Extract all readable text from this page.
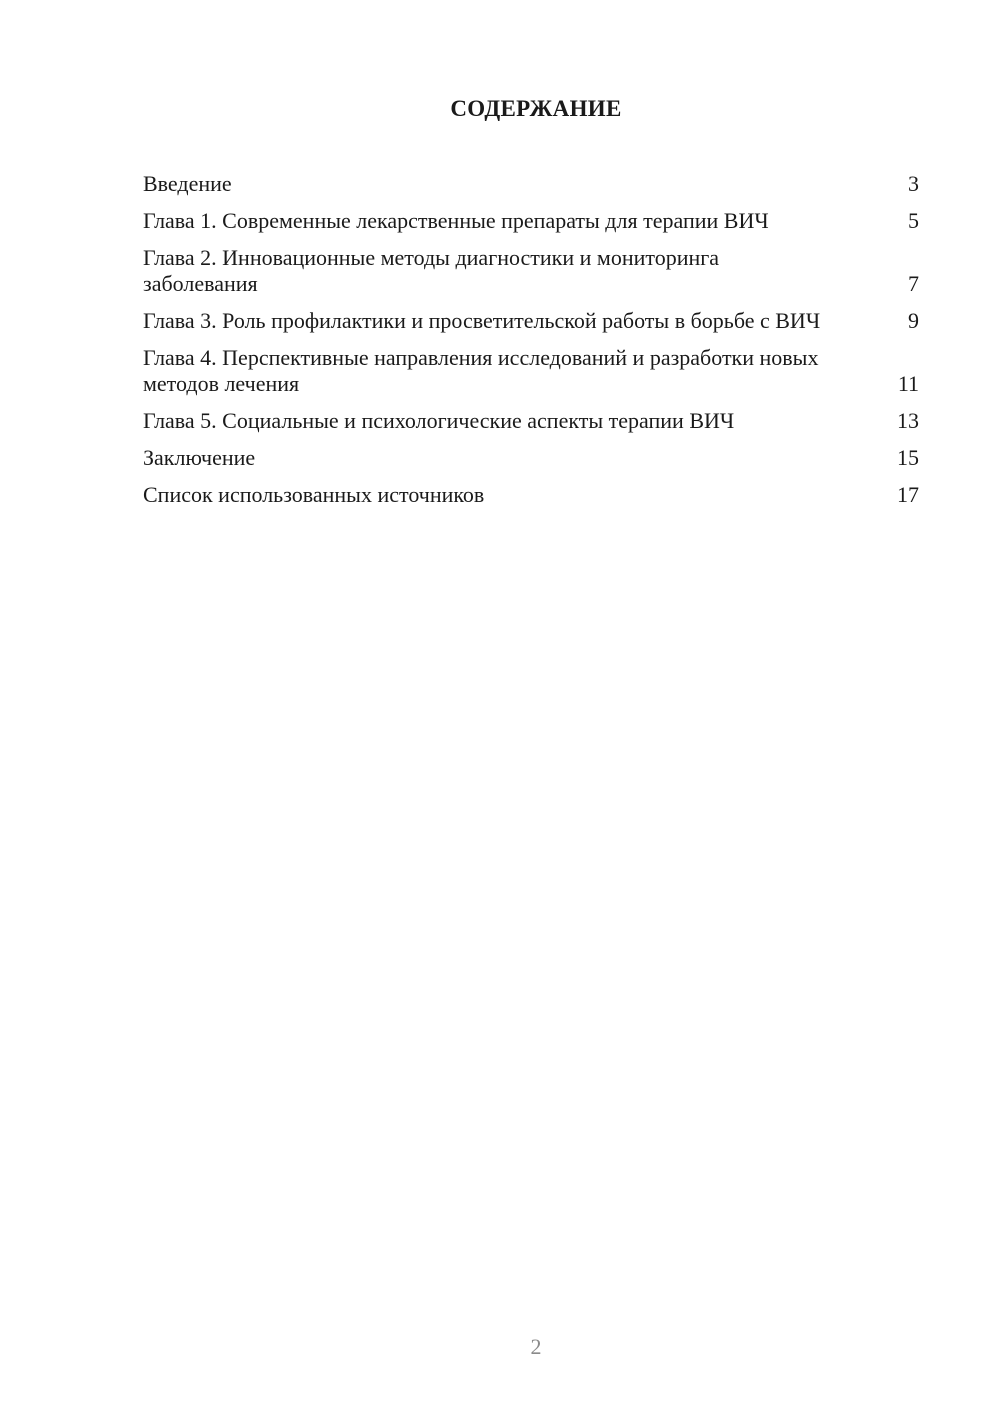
СОДЕРЖАНИЕ
Введение	3
Глава 1. Современные лекарственные препараты для терапии ВИЧ	5
Глава 2. Инновационные методы диагностики и мониторинга заболевания	7
Глава 3. Роль профилактики и просветительской работы в борьбе с ВИЧ	9
Глава 4. Перспективные направления исследований и разработки новых методов лечения	11
Глава 5. Социальные и психологические аспекты терапии ВИЧ	13
Заключение	15
Список использованных источников	17
2
